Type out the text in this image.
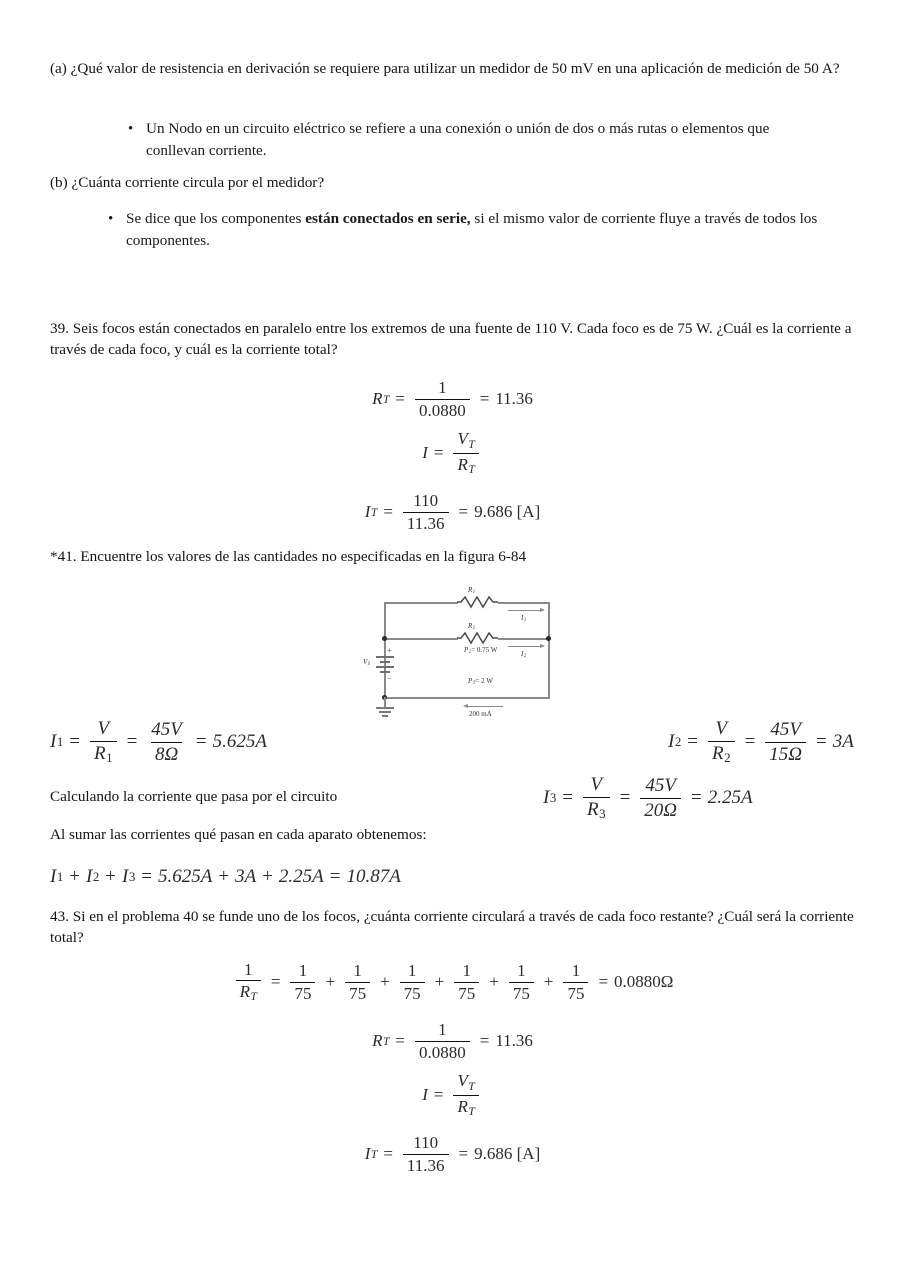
(a) ¿Qué valor de resistencia en derivación se requiere para utilizar un medidor de 50 mV en una aplicación de medición de 50 A?
• Un Nodo en un circuito eléctrico se refiere a una conexión o unión de dos o más rutas o elementos que conllevan corriente.
(b) ¿Cuánta corriente circula por el medidor?
• Se dice que los componentes están conectados en serie, si el mismo valor de corriente fluye a través de todos los componentes.
39. Seis focos están conectados en paralelo entre los extremos de una fuente de 110 V. Cada foco es de 75 W. ¿Cuál es la corriente a través de cada foco, y cuál es la corriente total?
R $T = \frac{1}{0.0880} = 11.36$
$I = \frac{V_T}{R_T}$
I $T = \frac{110}{11.36} = 9.686$ [A]
*41. Encuentre los valores de las cantidades no especificadas en la figura 6-84
$R_1$
$R_2$
+
−
$V_S$
$I_1$
$P_2= 0.75$ W	$I_2$
$P_T= 2$ W
200 mA
I $1 = \frac{V}{R1} = \frac{45V}{8\Omega} = 5.625A$	I $2 = \frac{V}{R2} = \frac{45V}{15\Omega} = 3A$
Calculando la corriente que pasa por el circuito	I $3 = \frac{V}{R3} = \frac{45V}{20\Omega} = 2.25A$
Al sumar las corrientes qué pasan en cada aparato obtenemos:
I 1 + I 2 + I 3 = 5.625A + 3A + 2.25A = 10.87A
43. Si en el problema 40 se funde uno de los focos, ¿cuánta corriente circulará a través de cada foco restante? ¿Cuál será la corriente total?
$\frac{1}{R_T} = \frac{1}{75} + \frac{1}{75} + \frac{1}{75} + \frac{1}{75} + \frac{1}{75} + \frac{1}{75} = 0.0880\Omega$
R $T = \frac{1}{0.0880} = 11.36$
$I = \frac{V_T}{R_T}$
I $T = \frac{110}{11.36} = 9.686$ [A]
